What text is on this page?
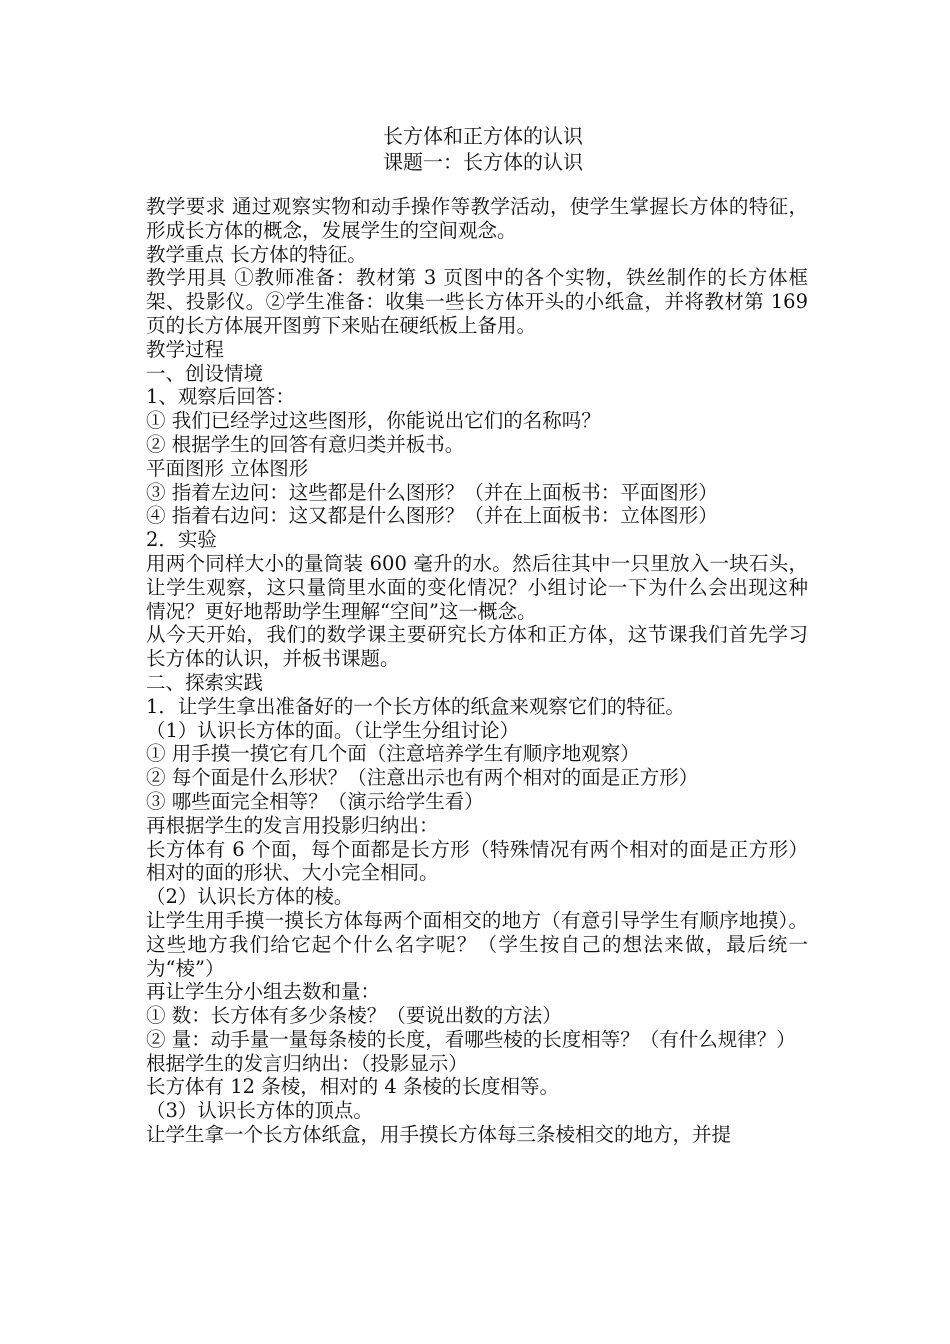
长方体和正方体的认识
课题一：长方体的认识

教学要求 通过观察实物和动手操作等教学活动，使学生掌握长方体的特征，形成长方体的概念，发展学生的空间观念。

教学重点 长方体的特征。

教学用具 ①教师准备：教材第 3 页图中的各个实物，铁丝制作的长方体框架、投影仪。②学生准备：收集一些长方体开头的小纸盒，并将教材第 169 页的长方体展开图剪下来贴在硬纸板上备用。

教学过程

一、创设情境

1、观察后回答：

① 我们已经学过这些图形，你能说出它们的名称吗？

② 根据学生的回答有意归类并板书。

平面图形 立体图形

③ 指着左边问：这些都是什么图形？（并在上面板书：平面图形）

④ 指着右边问：这又都是什么图形？（并在上面板书：立体图形）

2．实验

用两个同样大小的量筒装 600 毫升的水。然后往其中一只里放入一块石头，让学生观察，这只量筒里水面的变化情况？小组讨论一下为什么会出现这种情况？更好地帮助学生理解“空间”这一概念。

从今天开始，我们的数学课主要研究长方体和正方体，这节课我们首先学习长方体的认识，并板书课题。

二、探索实践

1．让学生拿出准备好的一个长方体的纸盒来观察它们的特征。

（1）认识长方体的面。（让学生分组讨论）

① 用手摸一摸它有几个面（注意培养学生有顺序地观察）

② 每个面是什么形状？（注意出示也有两个相对的面是正方形）

③ 哪些面完全相等？（演示给学生看）

再根据学生的发言用投影归纳出：

长方体有 6 个面，每个面都是长方形（特殊情况有两个相对的面是正方形）相对的面的形状、大小完全相同。

（2）认识长方体的棱。

让学生用手摸一摸长方体每两个面相交的地方（有意引导学生有顺序地摸）。这些地方我们给它起个什么名字呢？（学生按自己的想法来做，最后统一为“棱”）

再让学生分小组去数和量：

① 数：长方体有多少条棱？（要说出数的方法）

② 量：动手量一量每条棱的长度，看哪些棱的长度相等？（有什么规律？）

根据学生的发言归纳出：（投影显示）

长方体有 12 条棱，相对的 4 条棱的长度相等。

（3）认识长方体的顶点。

让学生拿一个长方体纸盒，用手摸长方体每三条棱相交的地方，并提
